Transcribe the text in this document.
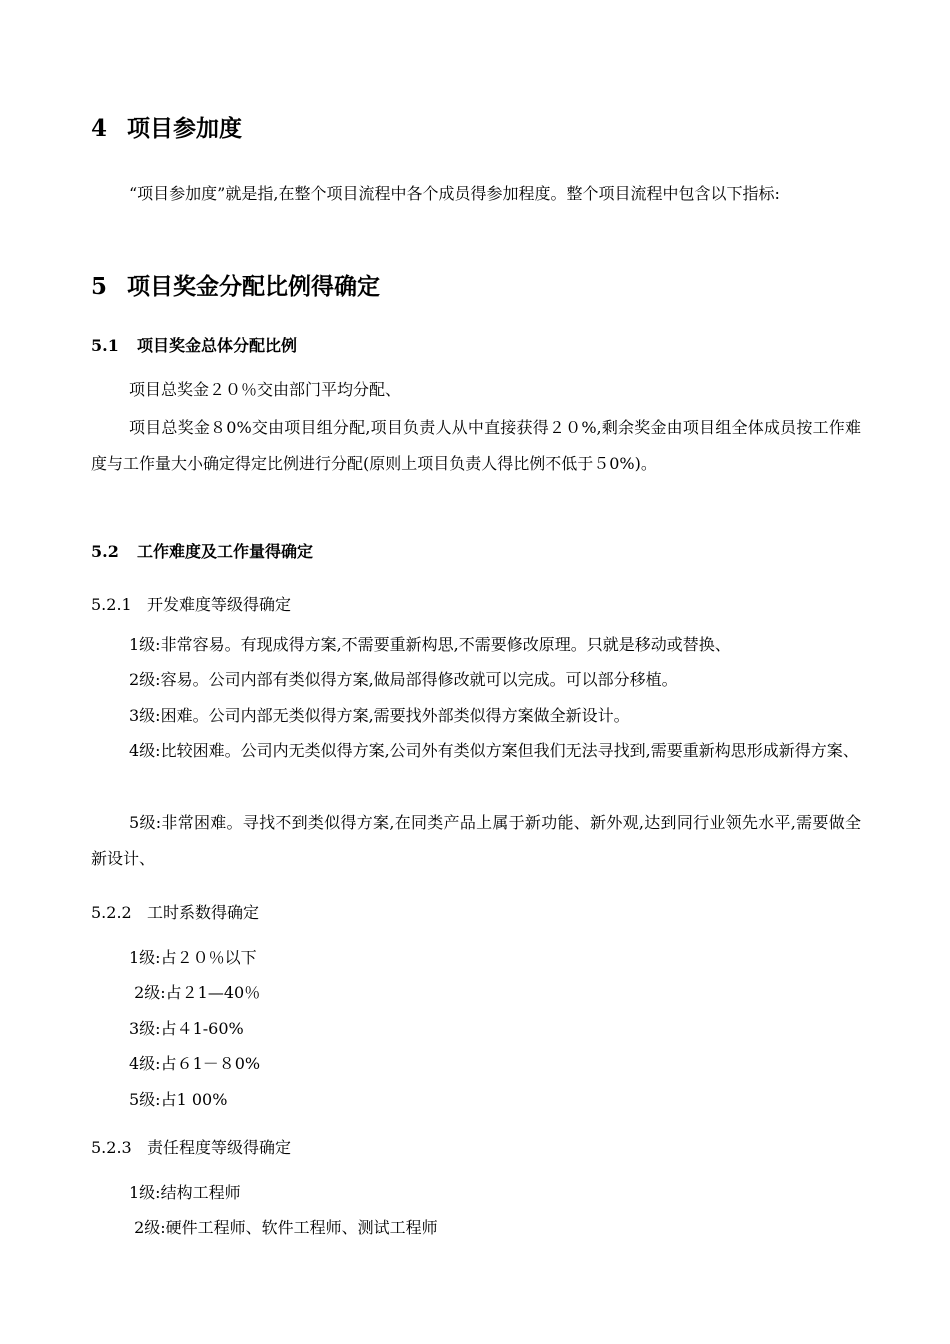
4 项目参加度
“项目参加度”就是指,在整个项目流程中各个成员得参加程度。整个项目流程中包含以下指标:
5 项目奖金分配比例得确定
5.1 项目奖金总体分配比例
项目总奖金２０％交由部门平均分配、
项目总奖金８0%交由项目组分配,项目负责人从中直接获得２０%,剩余奖金由项目组全体成员按工作难度与工作量大小确定得定比例进行分配(原则上项目负责人得比例不低于５0%)。
5.2 工作难度及工作量得确定
5.2.1 开发难度等级得确定
1级:非常容易。有现成得方案,不需要重新构思,不需要修改原理。只就是移动或替换、
2级:容易。公司内部有类似得方案,做局部得修改就可以完成。可以部分移植。
3级:困难。公司内部无类似得方案,需要找外部类似得方案做全新设计。
4级:比较困难。公司内无类似得方案,公司外有类似方案但我们无法寻找到,需要重新构思形成新得方案、
5级:非常困难。寻找不到类似得方案,在同类产品上属于新功能、新外观,达到同行业领先水平,需要做全新设计、
5.2.2 工时系数得确定
1级:占２０％以下
2级:占２1—40％
3级:占４1-60%
4级:占６1－８0%
5级:占1 00%
5.2.3 责任程度等级得确定
1级:结构工程师
2级:硬件工程师、软件工程师、测试工程师
